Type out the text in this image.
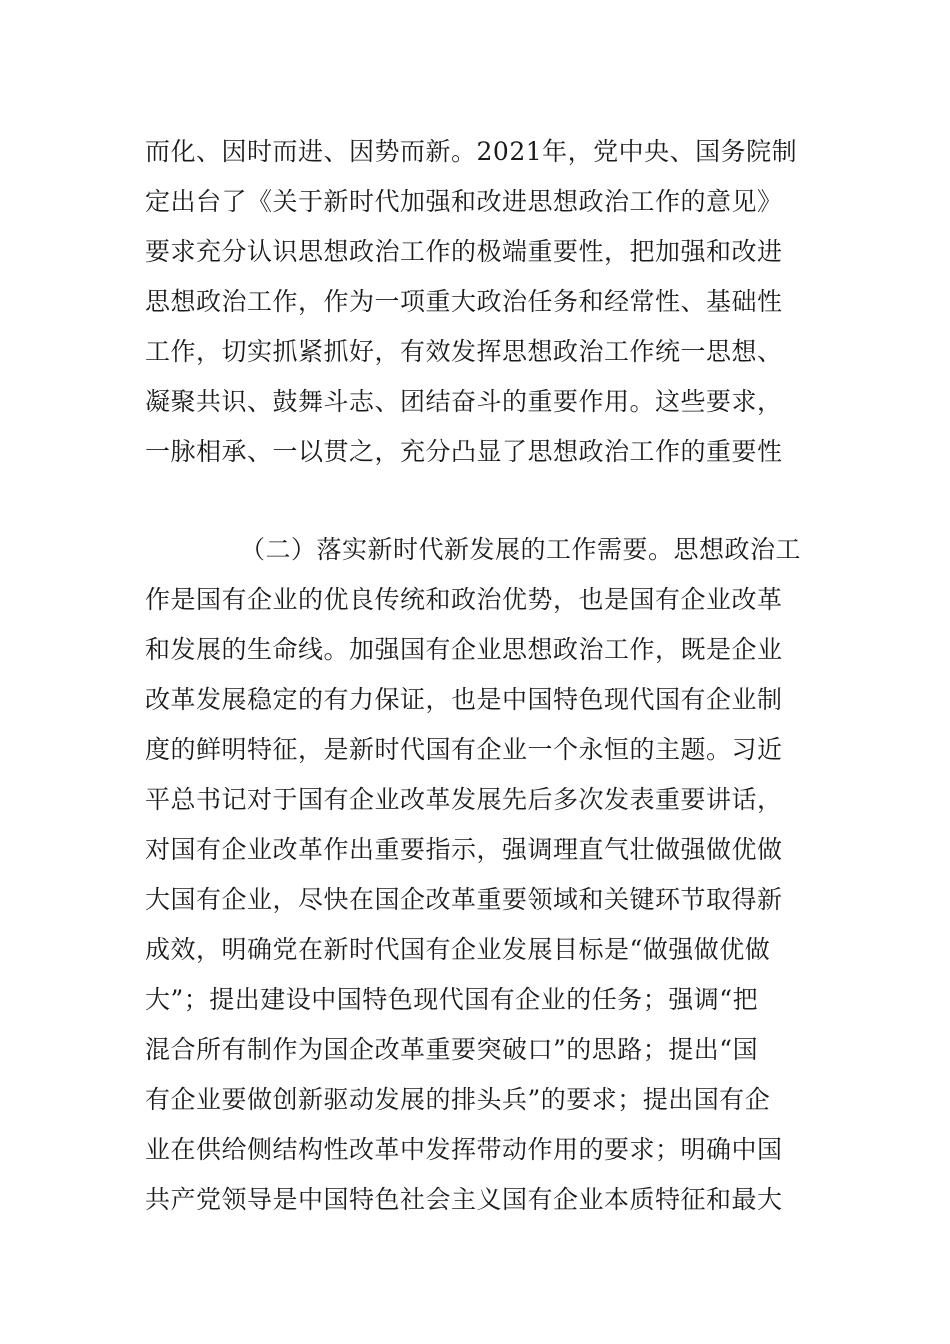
而化、因时而进、因势而新。2021年，党中央、国务院制
定出台了《关于新时代加强和改进思想政治工作的意见》
要求充分认识思想政治工作的极端重要性，把加强和改进
思想政治工作，作为一项重大政治任务和经常性、基础性
工作，切实抓紧抓好，有效发挥思想政治工作统一思想、
凝聚共识、鼓舞斗志、团结奋斗的重要作用。这些要求，
一脉相承、一以贯之，充分凸显了思想政治工作的重要性
（二）落实新时代新发展的工作需要。思想政治工
作是国有企业的优良传统和政治优势，也是国有企业改革
和发展的生命线。加强国有企业思想政治工作，既是企业
改革发展稳定的有力保证，也是中国特色现代国有企业制
度的鲜明特征，是新时代国有企业一个永恒的主题。习近
平总书记对于国有企业改革发展先后多次发表重要讲话，
对国有企业改革作出重要指示，强调理直气壮做强做优做
大国有企业，尽快在国企改革重要领域和关键环节取得新
成效，明确党在新时代国有企业发展目标是“做强做优做
大”；提出建设中国特色现代国有企业的任务；强调“把
混合所有制作为国企改革重要突破口”的思路；提出“国
有企业要做创新驱动发展的排头兵”的要求；提出国有企
业在供给侧结构性改革中发挥带动作用的要求；明确中国
共产党领导是中国特色社会主义国有企业本质特征和最大
